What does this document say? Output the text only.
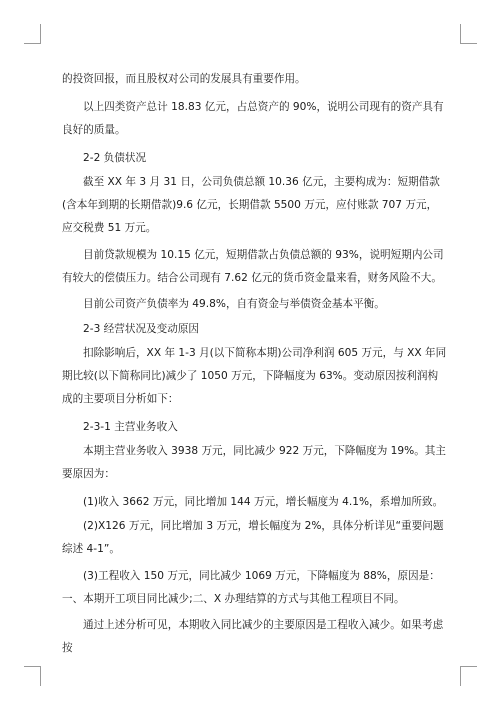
的投资回报，而且股权对公司的发展具有重要作用。

以上四类资产总计 18.83 亿元，占总资产的 90%，说明公司现有的资产具有良好的质量。

2-2 负债状况

截至 XX 年 3 月 31 日，公司负债总额 10.36 亿元，主要构成为：短期借款(含本年到期的长期借款)9.6 亿元，长期借款 5500 万元，应付账款 707 万元，应交税费 51 万元。

目前贷款规模为 10.15 亿元，短期借款占负债总额的 93%，说明短期内公司有较大的偿债压力。结合公司现有 7.62 亿元的货币资金量来看，财务风险不大。

目前公司资产负债率为 49.8%，自有资金与举债资金基本平衡。

2-3 经营状况及变动原因

扣除影响后，XX 年 1-3 月(以下简称本期)公司净利润 605 万元，与 XX 年同期比较(以下简称同比)减少了 1050 万元，下降幅度为 63%。变动原因按利润构成的主要项目分析如下：

2-3-1 主营业务收入

本期主营业务收入 3938 万元，同比减少 922 万元，下降幅度为 19%。其主要原因为：

(1)收入 3662 万元，同比增加 144 万元，增长幅度为 4.1%，系增加所致。

(2)X126 万元，同比增加 3 万元，增长幅度为 2%，具体分析详见“重要问题综述 4-1”。

(3)工程收入 150 万元，同比减少 1069 万元，下降幅度为 88%，原因是：一、本期开工项目同比减少;二、X 办理结算的方式与其他工程项目不同。

通过上述分析可见，本期收入同比减少的主要原因是工程收入减少。如果考虑按
